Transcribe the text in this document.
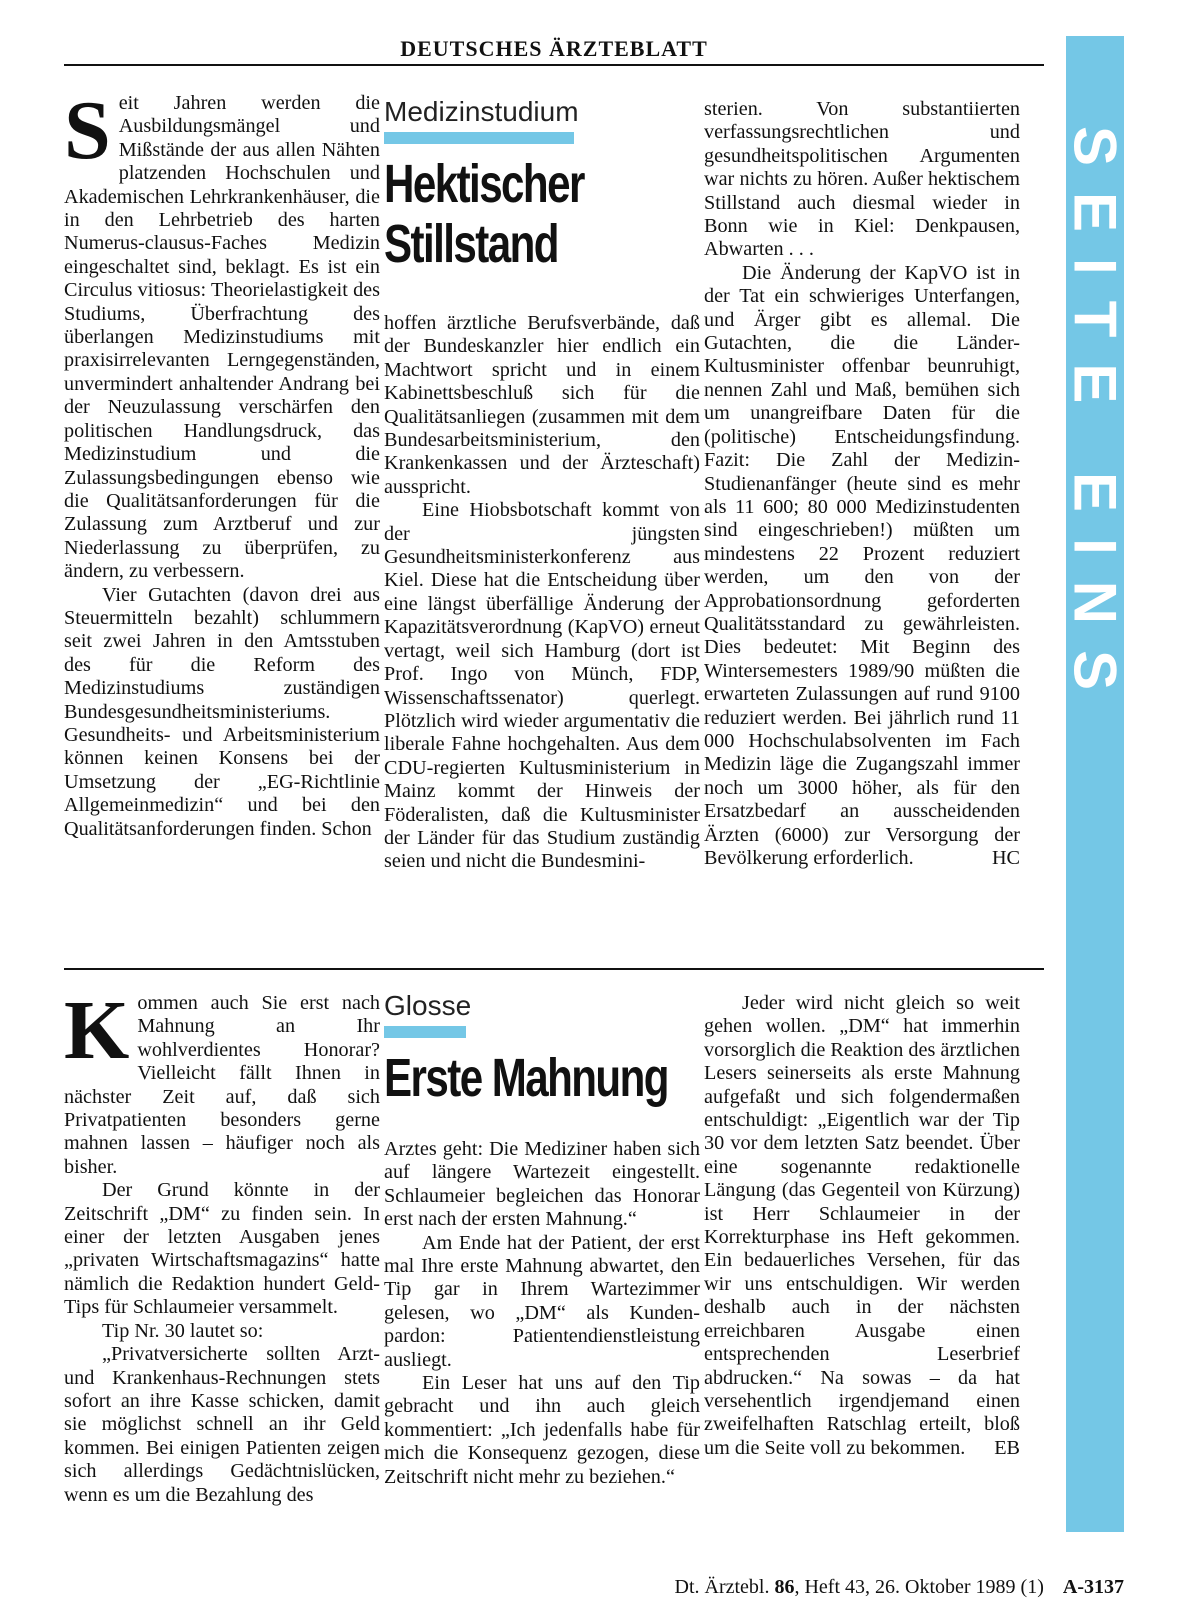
DEUTSCHES ÄRZTEBLATT
SEITE EINS

Seit Jahren werden die Ausbildungsmängel und Mißstände der aus allen Nähten platzenden Hochschulen und Akademischen Lehrkrankenhäuser, die in den Lehrbetrieb des harten Numerus-clausus-Faches Medizin eingeschaltet sind, beklagt. Es ist ein Circulus vitiosus: Theorielastigkeit des Studiums, Überfrachtung des überlangen Medizinstudiums mit praxisirrelevanten Lerngegenständen, unvermindert anhaltender Andrang bei der Neuzulassung verschärfen den politischen Handlungsdruck, das Medizinstudium und die Zulassungsbedingungen ebenso wie die Qualitätsanforderungen für die Zulassung zum Arztberuf und zur Niederlassung zu überprüfen, zu ändern, zu verbessern.

Vier Gutachten (davon drei aus Steuermitteln bezahlt) schlummern seit zwei Jahren in den Amtsstuben des für die Reform des Medizinstudiums zuständigen Bundesgesundheitsministeriums. Gesundheits- und Arbeitsministerium können keinen Konsens bei der Umsetzung der „EG-Richtlinie Allgemeinmedizin“ und bei den Qualitätsanforderungen finden. Schon

Medizinstudium
Hektischer
Stillstand

hoffen ärztliche Berufsverbände, daß der Bundeskanzler hier endlich ein Machtwort spricht und in einem Kabinettsbeschluß sich für die Qualitätsanliegen (zusammen mit dem Bundesarbeitsministerium, den Krankenkassen und der Ärzteschaft) ausspricht.

Eine Hiobsbotschaft kommt von der jüngsten Gesundheitsministerkonferenz aus Kiel. Diese hat die Entscheidung über eine längst überfällige Änderung der Kapazitätsverordnung (KapVO) erneut vertagt, weil sich Hamburg (dort ist Prof. Ingo von Münch, FDP, Wissenschaftssenator) querlegt. Plötzlich wird wieder argumentativ die liberale Fahne hochgehalten. Aus dem CDU-regierten Kultusministerium in Mainz kommt der Hinweis der Föderalisten, daß die Kultusminister der Länder für das Studium zuständig seien und nicht die Bundesmini-

sterien. Von substantiierten verfassungsrechtlichen und gesundheitspolitischen Argumenten war nichts zu hören. Außer hektischem Stillstand auch diesmal wieder in Bonn wie in Kiel: Denkpausen, Abwarten . . .

Die Änderung der KapVO ist in der Tat ein schwieriges Unterfangen, und Ärger gibt es allemal. Die Gutachten, die die Länder-Kultusminister offenbar beunruhigt, nennen Zahl und Maß, bemühen sich um unangreifbare Daten für die (politische) Entscheidungsfindung. Fazit: Die Zahl der Medizin-Studienanfänger (heute sind es mehr als 11 600; 80 000 Medizinstudenten sind eingeschrieben!) müßten um mindestens 22 Prozent reduziert werden, um den von der Approbationsordnung geforderten Qualitätsstandard zu gewährleisten. Dies bedeutet: Mit Beginn des Wintersemesters 1989/90 müßten die erwarteten Zulassungen auf rund 9100 reduziert werden. Bei jährlich rund 11 000 Hochschulabsolventen im Fach Medizin läge die Zugangszahl immer noch um 3000 höher, als für den Ersatzbedarf an ausscheidenden Ärzten (6000) zur Versorgung der Bevölkerung erforderlich.	HC

Kommen auch Sie erst nach Mahnung an Ihr wohlverdientes Honorar? Vielleicht fällt Ihnen in nächster Zeit auf, daß sich Privatpatienten besonders gerne mahnen lassen – häufiger noch als bisher.

Der Grund könnte in der Zeitschrift „DM“ zu finden sein. In einer der letzten Ausgaben jenes „privaten Wirtschaftsmagazins“ hatte nämlich die Redaktion hundert Geld-Tips für Schlaumeier versammelt.

Tip Nr. 30 lautet so:

„Privatversicherte sollten Arzt- und Krankenhaus-Rechnungen stets sofort an ihre Kasse schicken, damit sie möglichst schnell an ihr Geld kommen. Bei einigen Patienten zeigen sich allerdings Gedächtnislücken, wenn es um die Bezahlung des

Glosse
Erste Mahnung

Arztes geht: Die Mediziner haben sich auf längere Wartezeit eingestellt. Schlaumeier begleichen das Honorar erst nach der ersten Mahnung.“

Am Ende hat der Patient, der erst mal Ihre erste Mahnung abwartet, den Tip gar in Ihrem Wartezimmer gelesen, wo „DM“ als Kunden- pardon: Patientendienstleistung ausliegt.

Ein Leser hat uns auf den Tip gebracht und ihn auch gleich kommentiert: „Ich jedenfalls habe für mich die Konsequenz gezogen, diese Zeitschrift nicht mehr zu beziehen.“

Jeder wird nicht gleich so weit gehen wollen. „DM“ hat immerhin vorsorglich die Reaktion des ärztlichen Lesers seinerseits als erste Mahnung aufgefaßt und sich folgendermaßen entschuldigt: „Eigentlich war der Tip 30 vor dem letzten Satz beendet. Über eine sogenannte redaktionelle Längung (das Gegenteil von Kürzung) ist Herr Schlaumeier in der Korrekturphase ins Heft gekommen. Ein bedauerliches Versehen, für das wir uns entschuldigen. Wir werden deshalb auch in der nächsten erreichbaren Ausgabe einen entsprechenden Leserbrief abdrucken.“ Na sowas – da hat versehentlich irgendjemand einen zweifelhaften Ratschlag erteilt, bloß um die Seite voll zu bekommen. EB

Dt. Ärztebl. 86, Heft 43, 26. Oktober 1989 (1) A-3137
